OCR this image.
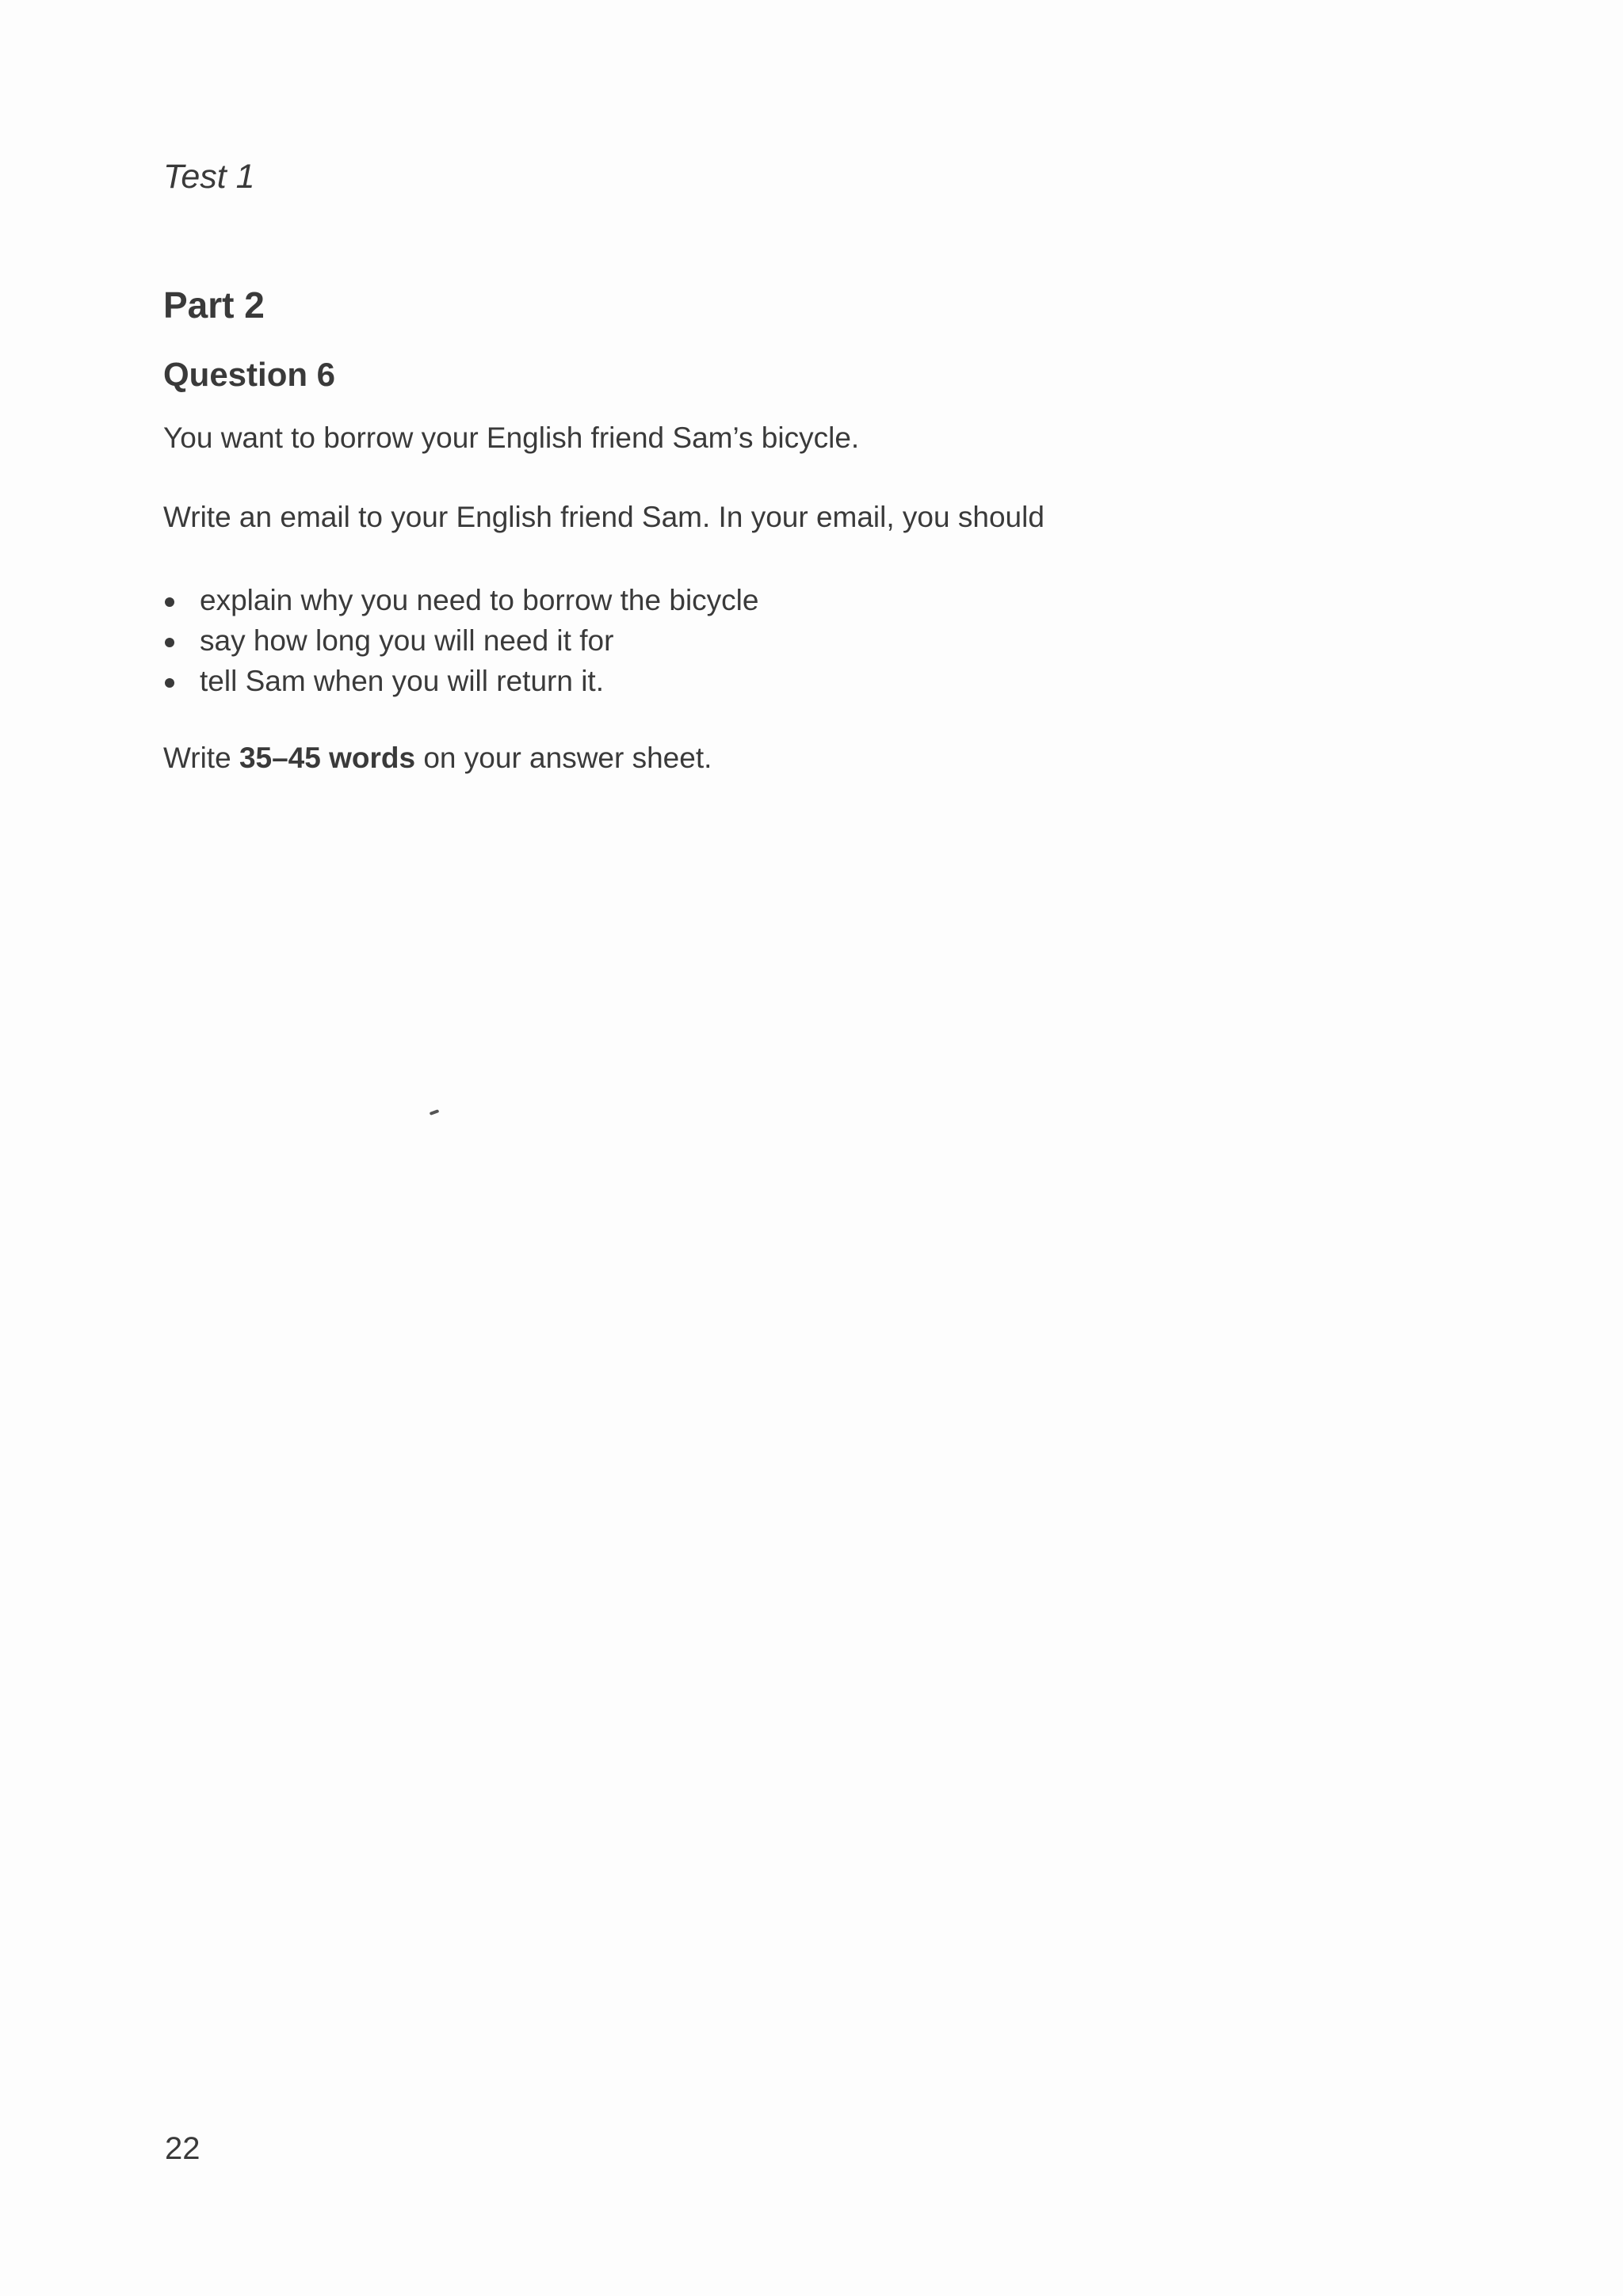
Test 1
Part 2
Question 6
You want to borrow your English friend Sam’s bicycle.
Write an email to your English friend Sam. In your email, you should
explain why you need to borrow the bicycle
say how long you will need it for
tell Sam when you will return it.
Write 35–45 words on your answer sheet.
22
